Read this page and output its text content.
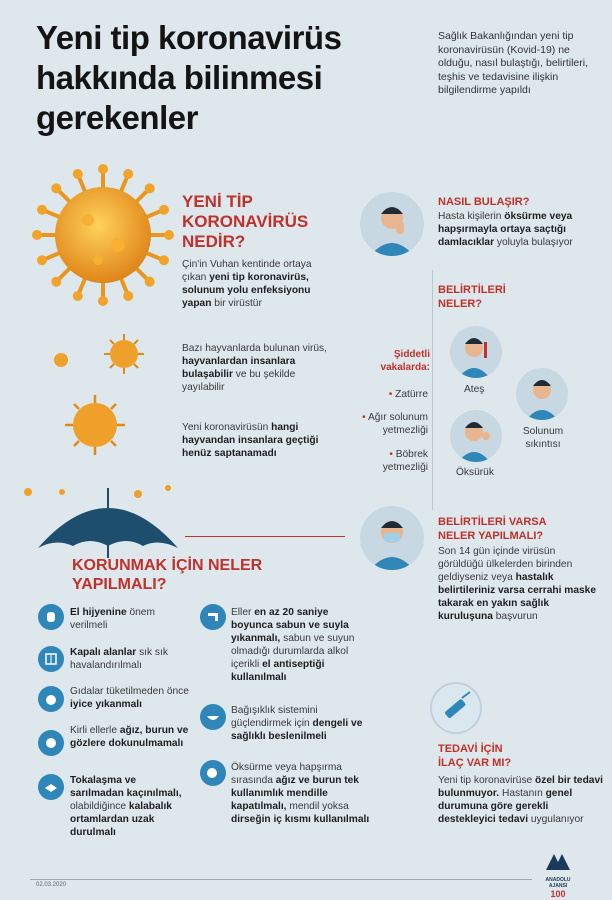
Yeni tip koronavirüs
hakkında bilinmesi
gerekenler
Sağlık Bakanlığından yeni tip koronavirüsün (Kovid-19) ne olduğu, nasıl bulaştığı, belirtileri, teşhis ve tedavisine ilişkin bilgilendirme yapıldı
YENİ TİP
KORONAVİRÜS
NEDİR?
Çin'in Vuhan kentinde ortaya çıkan yeni tip koronavirüs, solunum yolu enfeksiyonu yapan bir virüstür
Bazı hayvanlarda bulunan virüs, hayvanlardan insanlara bulaşabilir ve bu şekilde yayılabilir
Yeni koronavirüsün hangi hayvandan insanlara geçtiği henüz saptanamadı
NASIL BULAŞIR?
Hasta kişilerin öksürme veya hapşırmayla ortaya saçtığı damlacıklar yoluyla bulaşıyor
BELİRTİLERİ
NELER?
Şiddetli
vakalarda:
• Zatürre
• Ağır solunum yetmezliği
• Böbrek yetmezliği
Ateş
Solunum
sıkıntısı
Öksürük
BELİRTİLERİ VARSA
NELER YAPILMALI?
Son 14 gün içinde virüsün görüldüğü ülkelerden birinden geldiyseniz veya hastalık belirtileriniz varsa cerrahi maske takarak en yakın sağlık kuruluşuna başvurun
TEDAVİ İÇİN
İLAÇ VAR MI?
Yeni tip koronavirüse özel bir tedavi bulunmuyor. Hastanın genel durumuna göre gerekli destekleyici tedavi uygulanıyor
KORUNMAK İÇİN NELER
YAPILMALI?
El hijyenine önem verilmeli
Kapalı alanlar sık sık havalandırılmalı
Gıdalar tüketilmeden önce iyice yıkanmalı
Kirli ellerle ağız, burun ve gözlere dokunulmamalı
Tokalaşma ve sarılmadan kaçınılmalı, olabildiğince kalabalık ortamlardan uzak durulmalı
Eller en az 20 saniye boyunca sabun ve suyla yıkanmalı, sabun ve suyun olmadığı durumlarda alkol içerikli el antiseptiği kullanılmalı
Bağışıklık sistemini güçlendirmek için dengeli ve sağlıklı beslenilmeli
Öksürme veya hapşırma sırasında ağız ve burun tek kullanımlık mendille kapatılmalı, mendil yoksa dirseğin iç kısmı kullanılmalı
02.03.2020
ANADOLU AJANSI
100
